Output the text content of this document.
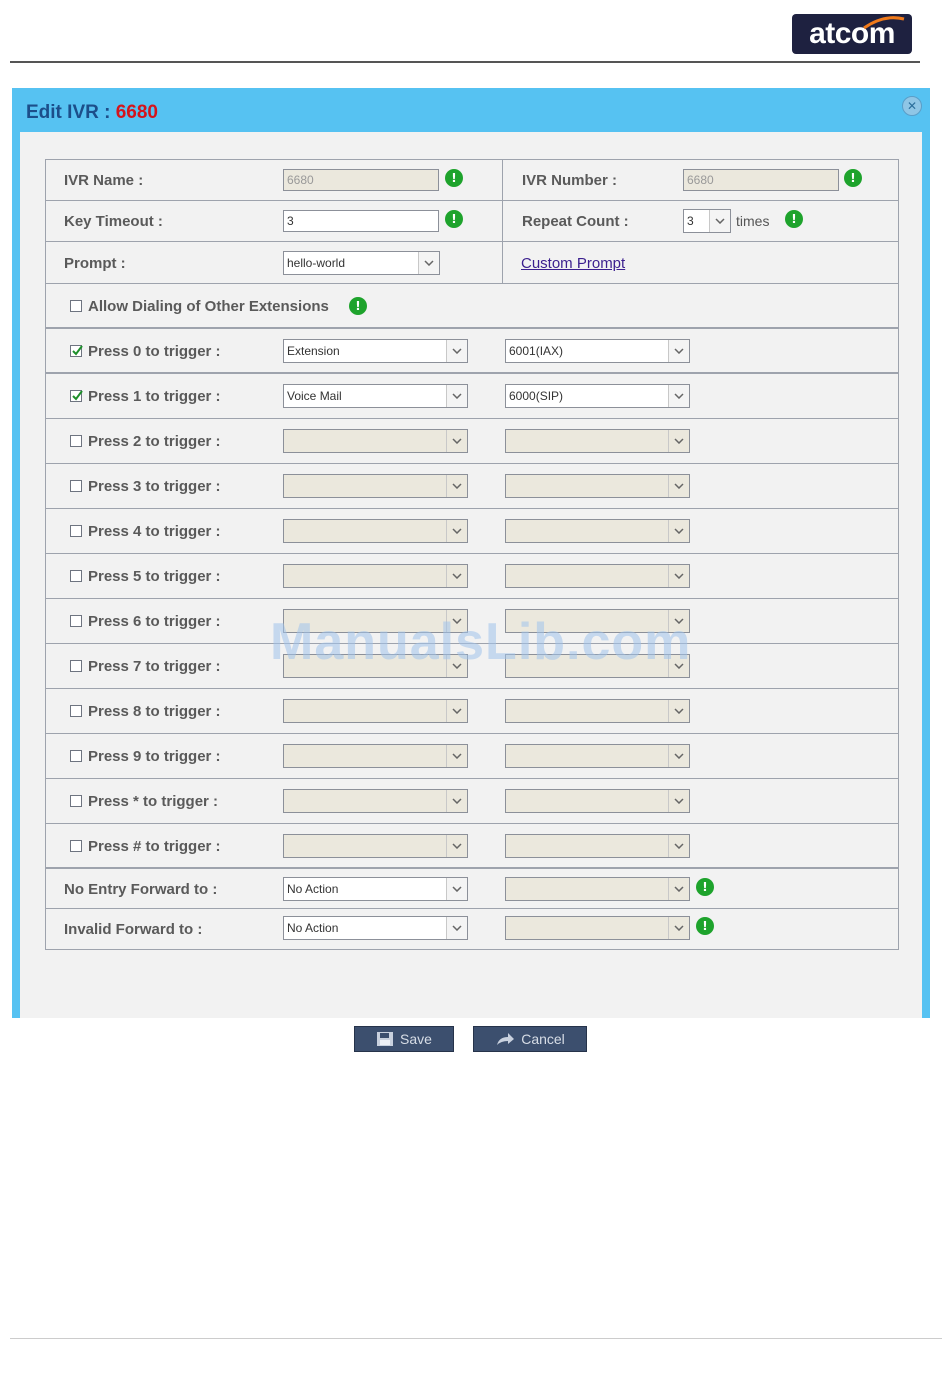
atcom
Edit IVR : 6680	✕
IVR Name :	6680	!	IVR Number :	6680	!
Key Timeout :	3	!	Repeat Count :	3	times	!
Prompt :	hello-world	Custom Prompt
Allow Dialing of Other Extensions	!
Press 0 to trigger :	Extension	6001(IAX)
Press 1 to trigger :	Voice Mail	6000(SIP)
Press 2 to trigger :
Press 3 to trigger :
Press 4 to trigger :
Press 5 to trigger :
Press 6 to trigger :
Press 7 to trigger :
Press 8 to trigger :
Press 9 to trigger :
Press * to trigger :
Press # to trigger :
No Entry Forward to :	No Action	!
Invalid Forward to :	No Action	!
Save	Cancel
ManualsLib.com
